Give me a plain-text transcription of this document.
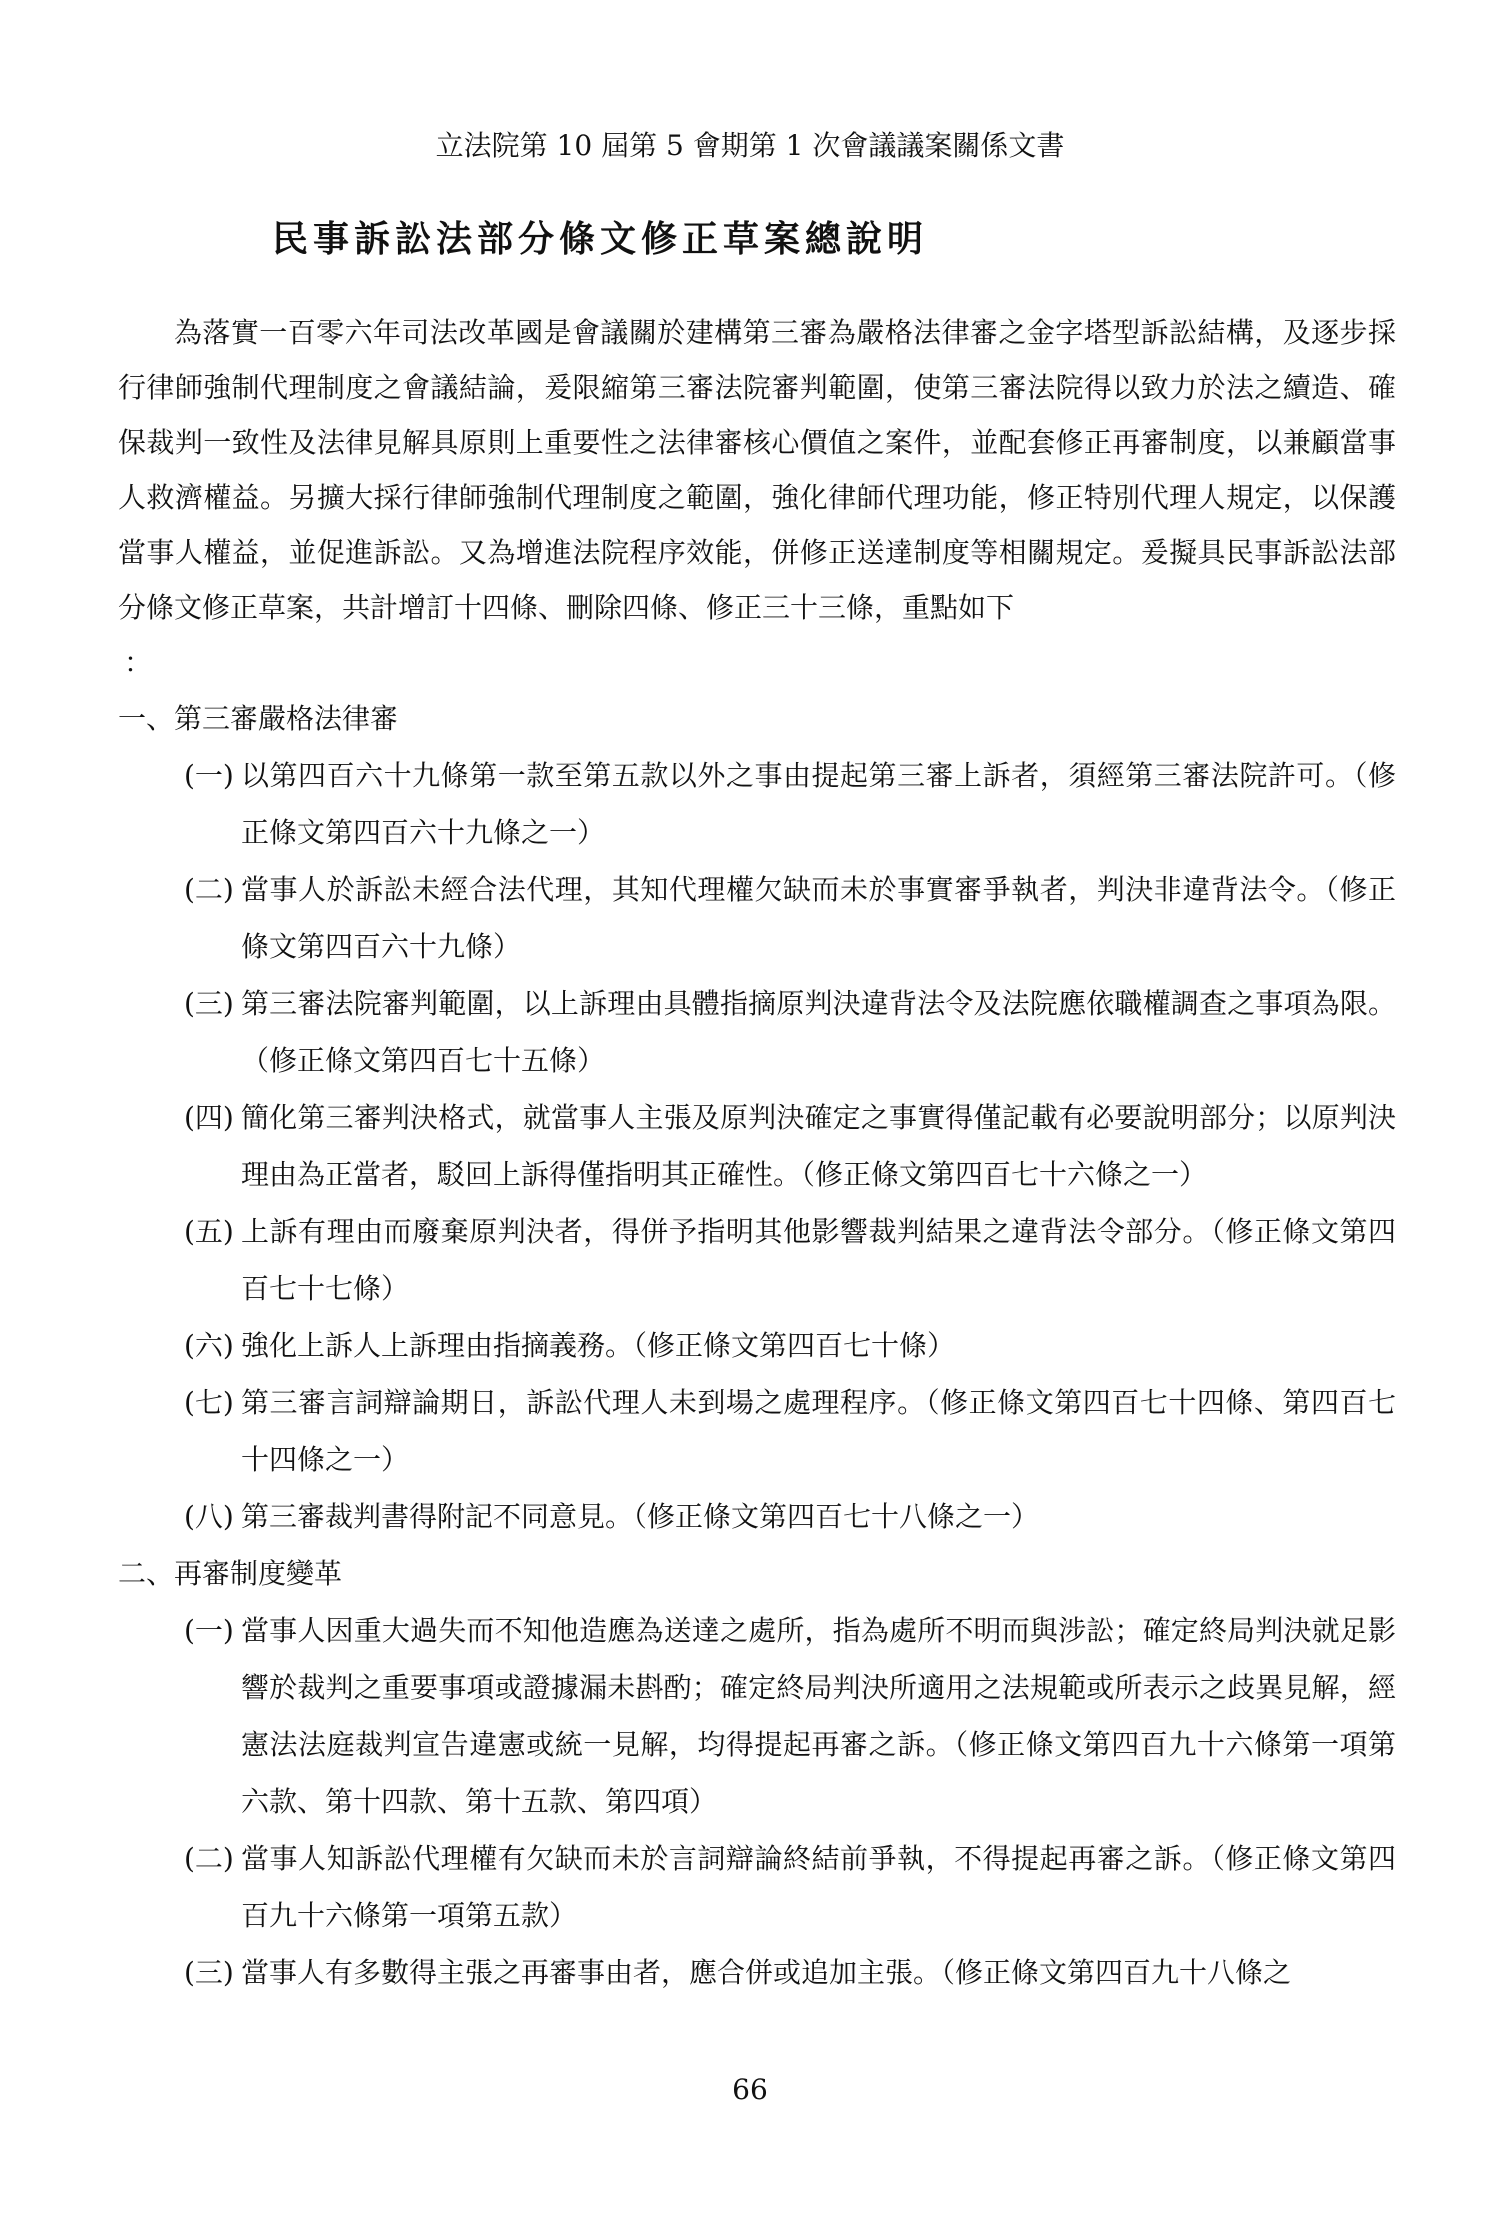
立法院第 10 屆第 5 會期第 1 次會議議案關係文書
民事訴訟法部分條文修正草案總說明

為落實一百零六年司法改革國是會議關於建構第三審為嚴格法律審之金字塔型訴訟結構，及逐步採行律師強制代理制度之會議結論，爰限縮第三審法院審判範圍，使第三審法院得以致力於法之續造、確保裁判一致性及法律見解具原則上重要性之法律審核心價值之案件，並配套修正再審制度，以兼顧當事人救濟權益。另擴大採行律師強制代理制度之範圍，強化律師代理功能，修正特別代理人規定，以保護當事人權益，並促進訴訟。又為增進法院程序效能，併修正送達制度等相關規定。爰擬具民事訴訟法部分條文修正草案，共計增訂十四條、刪除四條、修正三十三條，重點如下

：

一、第三審嚴格法律審

(一) 以第四百六十九條第一款至第五款以外之事由提起第三審上訴者，須經第三審法院許可。（修正條文第四百六十九條之一）
(二) 當事人於訴訟未經合法代理，其知代理權欠缺而未於事實審爭執者，判決非違背法令。（修正條文第四百六十九條）
(三) 第三審法院審判範圍，以上訴理由具體指摘原判決違背法令及法院應依職權調查之事項為限。（修正條文第四百七十五條）
(四) 簡化第三審判決格式，就當事人主張及原判決確定之事實得僅記載有必要說明部分；以原判決理由為正當者，駁回上訴得僅指明其正確性。（修正條文第四百七十六條之一）
(五) 上訴有理由而廢棄原判決者，得併予指明其他影響裁判結果之違背法令部分。（修正條文第四百七十七條）
(六) 強化上訴人上訴理由指摘義務。（修正條文第四百七十條）
(七) 第三審言詞辯論期日，訴訟代理人未到場之處理程序。（修正條文第四百七十四條、第四百七十四條之一）
(八) 第三審裁判書得附記不同意見。（修正條文第四百七十八條之一）

二、再審制度變革

(一) 當事人因重大過失而不知他造應為送達之處所，指為處所不明而與涉訟；確定終局判決就足影響於裁判之重要事項或證據漏未斟酌；確定終局判決所適用之法規範或所表示之歧異見解，經憲法法庭裁判宣告違憲或統一見解，均得提起再審之訴。（修正條文第四百九十六條第一項第六款、第十四款、第十五款、第四項）
(二) 當事人知訴訟代理權有欠缺而未於言詞辯論終結前爭執，不得提起再審之訴。（修正條文第四百九十六條第一項第五款）
(三) 當事人有多數得主張之再審事由者，應合併或追加主張。（修正條文第四百九十八條之
66
